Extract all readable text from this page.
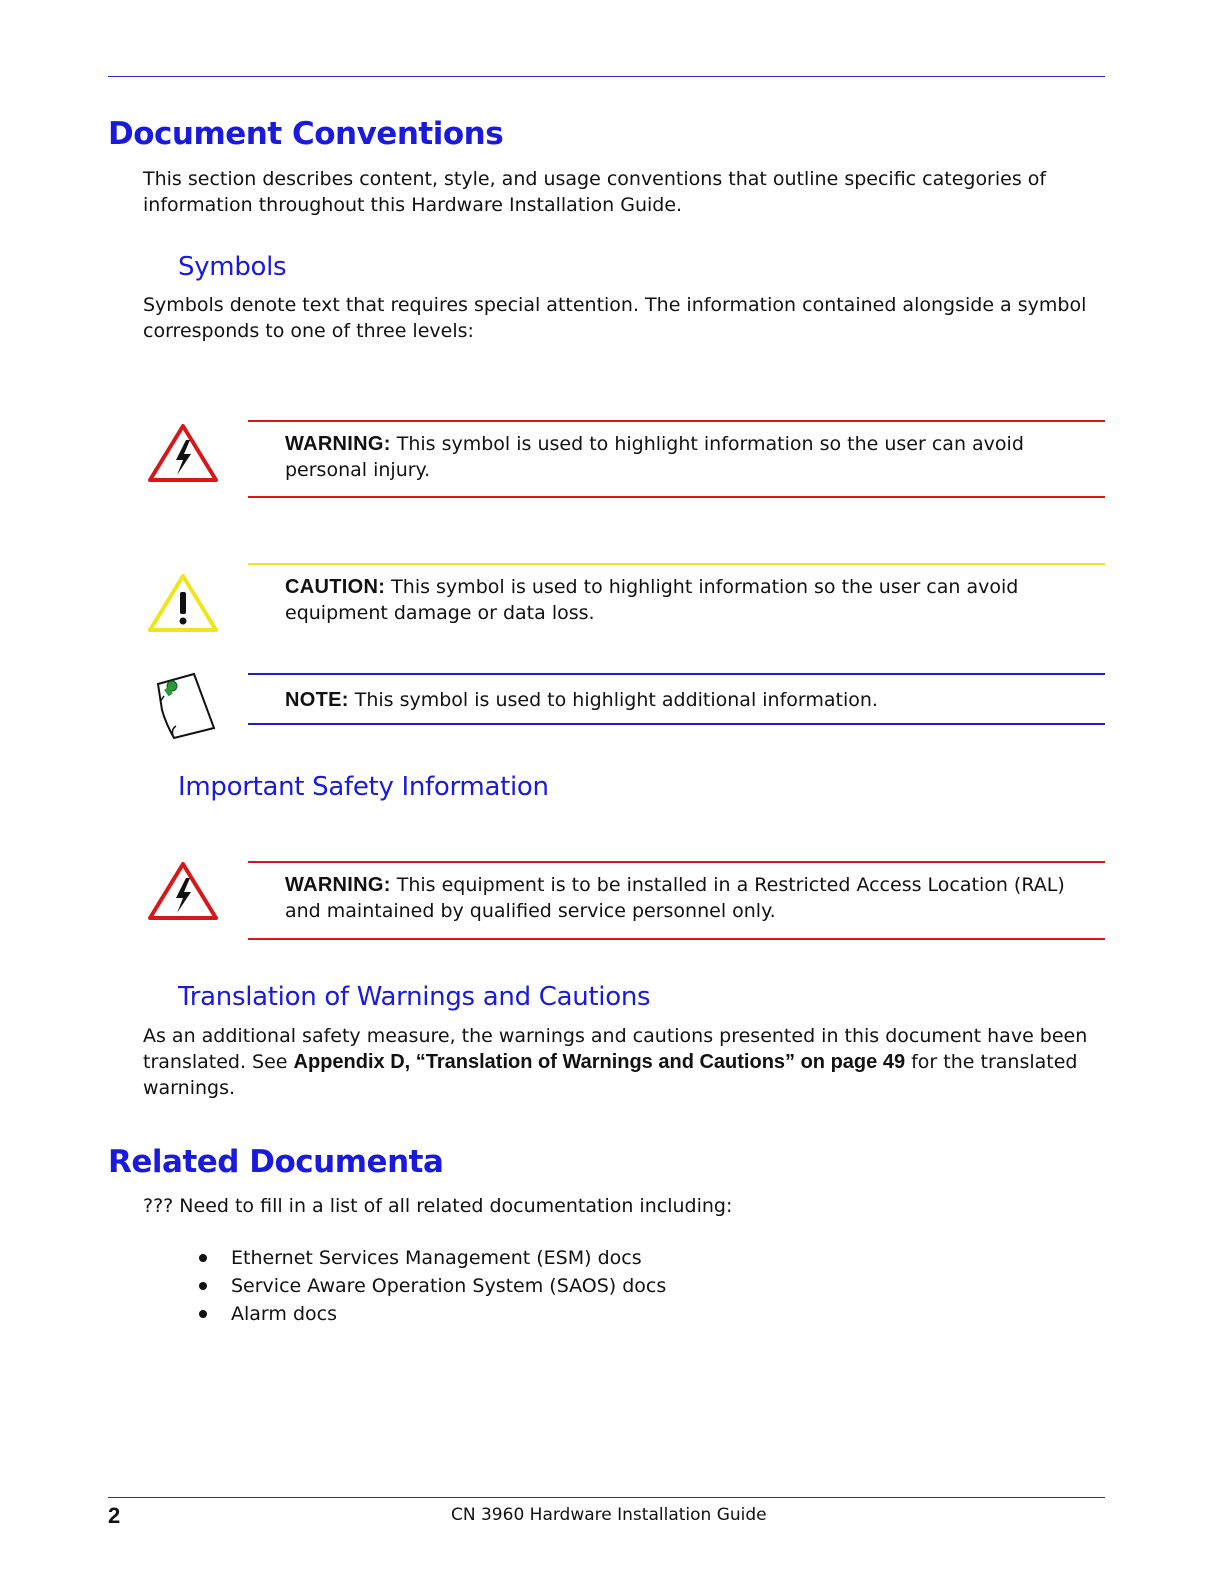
Document Conventions

This section describes content, style, and usage conventions that outline specific categories of information throughout this Hardware Installation Guide.

Symbols

Symbols denote text that requires special attention. The information contained alongside a symbol corresponds to one of three levels:

WARNING: This symbol is used to highlight information so the user can avoid personal injury.

CAUTION: This symbol is used to highlight information so the user can avoid equipment damage or data loss.

NOTE: This symbol is used to highlight additional information.

Important Safety Information

WARNING: This equipment is to be installed in a Restricted Access Location (RAL) and maintained by qualified service personnel only.

Translation of Warnings and Cautions

As an additional safety measure, the warnings and cautions presented in this document have been translated. See Appendix D, “Translation of Warnings and Cautions” on page 49 for the translated warnings.

Related Documenta

??? Need to fill in a list of all related documentation including:

Ethernet Services Management (ESM) docs
Service Aware Operation System (SAOS) docs
Alarm docs
2	CN 3960 Hardware Installation Guide
